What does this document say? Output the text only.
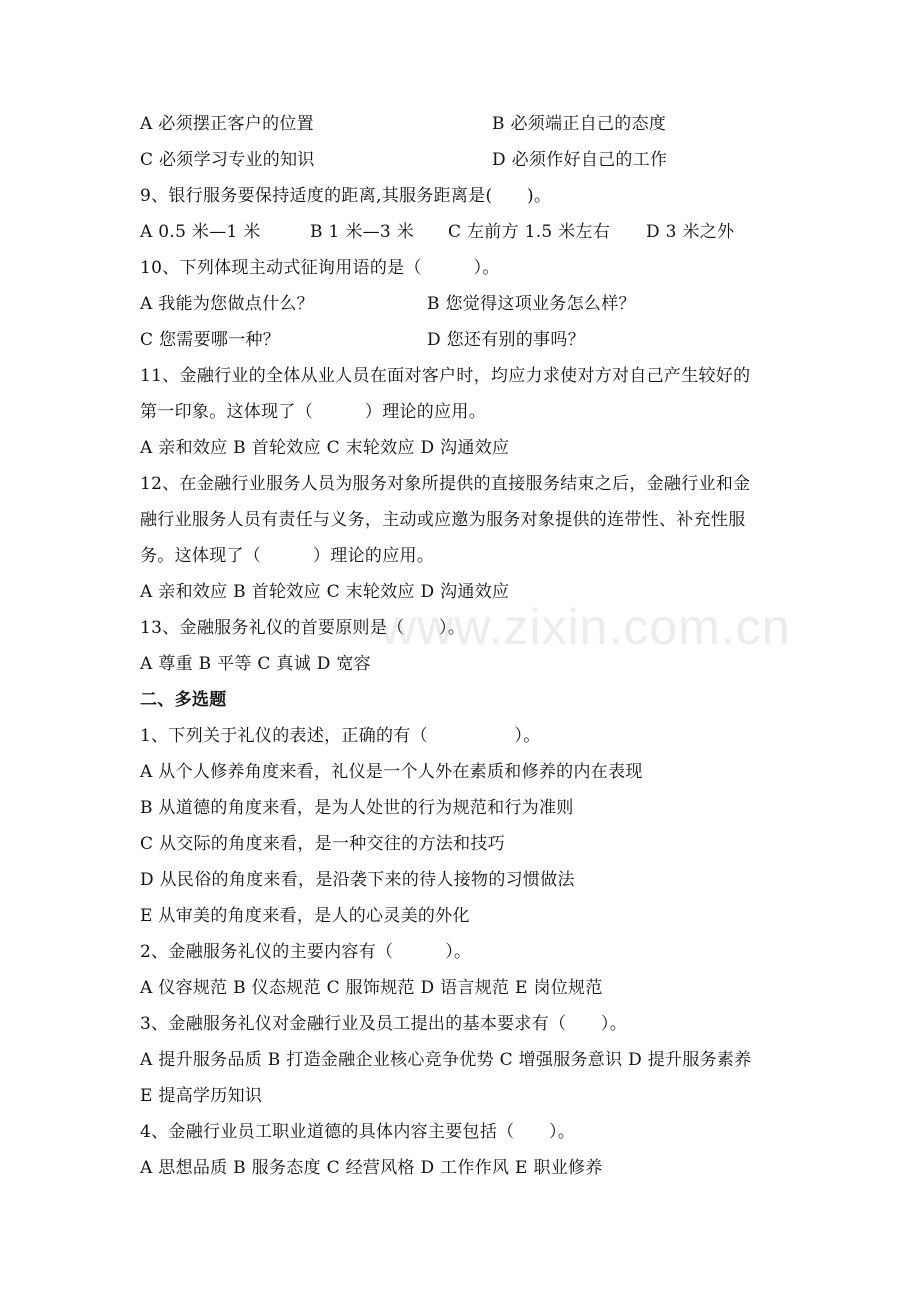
www.zixin.com.cn
A 必须摆正客户的位置	B 必须端正自己的态度
C 必须学习专业的知识	D 必须作好自己的工作
9、银行服务要保持适度的距离,其服务距离是(　　)。
A 0.5 米—1 米	B 1 米—3 米 C 左前方 1.5 米左右 D 3 米之外
10、下列体现主动式征询用语的是（　　　）。
A 我能为您做点什么？	B 您觉得这项业务怎么样？
C 您需要哪一种？	D 您还有别的事吗？
11、金融行业的全体从业人员在面对客户时，均应力求使对方对自己产生较好的
第一印象。这体现了（　　　）理论的应用。
A 亲和效应 B 首轮效应 C 末轮效应 D 沟通效应
12、在金融行业服务人员为服务对象所提供的直接服务结束之后，金融行业和金
融行业服务人员有责任与义务，主动或应邀为服务对象提供的连带性、补充性服
务。这体现了（　　　）理论的应用。
A 亲和效应 B 首轮效应 C 末轮效应 D 沟通效应
13、金融服务礼仪的首要原则是（　　）。
A 尊重 B 平等 C 真诚 D 宽容
二、多选题
1、下列关于礼仪的表述，正确的有（　　　　　）。
A 从个人修养角度来看，礼仪是一个人外在素质和修养的内在表现
B 从道德的角度来看，是为人处世的行为规范和行为准则
C 从交际的角度来看，是一种交往的方法和技巧
D 从民俗的角度来看，是沿袭下来的待人接物的习惯做法
E 从审美的角度来看，是人的心灵美的外化
2、金融服务礼仪的主要内容有（　　　）。
A 仪容规范 B 仪态规范 C 服饰规范 D 语言规范 E 岗位规范
3、金融服务礼仪对金融行业及员工提出的基本要求有（　　）。
A 提升服务品质 B 打造金融企业核心竞争优势 C 增强服务意识 D 提升服务素养
E 提高学历知识
4、金融行业员工职业道德的具体内容主要包括（　　）。
A 思想品质 B 服务态度 C 经营风格 D 工作作风 E 职业修养
